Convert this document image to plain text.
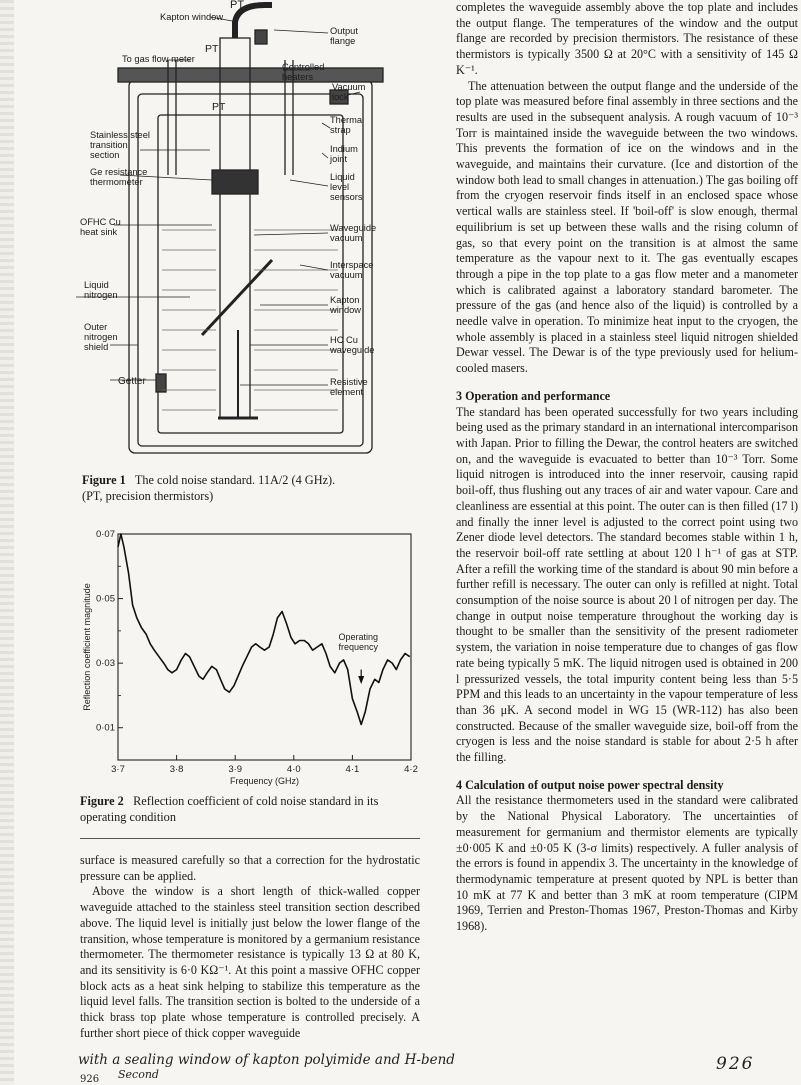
PT
Kapton window
Output flange
PT
To gas flow meter
Controlled heaters
Vacuum lock
PT
Thermal strap
Stainless steel transition section
Indium joint
Ge resistance thermometer	Liquid level sensors
OFHC Cu heat sink	Waveguide vacuum
Interspace vacuum
Liquid nitrogen	Kapton window
Outer nitrogen shield
HC Cu waveguide
Getter	Resistive element
Figure 1 The cold noise standard. 11A/2 (4 GHz).
(PT, precision thermistors)
3·7	3·8	3·9	4·0	4·1	4·2
0·07
0·05
0·03
0·01
Frequency (GHz)
Reflection coefficient magnitude	Operating frequency
Figure 2 Reflection coefficient of cold noise standard in its
operating condition

surface is measured carefully so that a correction for the hydrostatic pressure can be applied.

Above the window is a short length of thick-walled copper waveguide attached to the stainless steel transition section described above. The liquid level is initially just below the lower flange of the transition, whose temperature is monitored by a germanium resistance thermometer. The thermometer resistance is typically 13 Ω at 80 K, and its sensitivity is 6·0 KΩ⁻¹. At this point a massive OFHC copper block acts as a heat sink helping to stabilize this temperature as the liquid level falls. The transition section is bolted to the underside of a thick brass top plate whose temperature is controlled precisely. A further short piece of thick copper waveguide

completes the waveguide assembly above the top plate and includes the output flange. The temperatures of the window and the output flange are recorded by precision thermistors. The resistance of these thermistors is typically 3500 Ω at 20°C with a sensitivity of 145 Ω K⁻¹.

The attenuation between the output flange and the underside of the top plate was measured before final assembly in three sections and the results are used in the subsequent analysis. A rough vacuum of 10⁻³ Torr is maintained inside the waveguide between the two windows. This prevents the formation of ice on the windows and in the waveguide, and maintains their curvature. (Ice and distortion of the window both lead to small changes in attenuation.) The gas boiling off from the cryogen reservoir finds itself in an enclosed space whose vertical walls are stainless steel. If 'boil-off' is slow enough, thermal equilibrium is set up between these walls and the rising column of gas, so that every point on the transition is at almost the same temperature as the vapour next to it. The gas eventually escapes through a pipe in the top plate to a gas flow meter and a manometer which is calibrated against a laboratory standard barometer. The pressure of the gas (and hence also of the liquid) is controlled by a needle valve in operation. To minimize heat input to the cryogen, the whole assembly is placed in a stainless steel liquid nitrogen shielded Dewar vessel. The Dewar is of the type previously used for helium-cooled masers.

3 Operation and performance

The standard has been operated successfully for two years including being used as the primary standard in an international intercomparison with Japan. Prior to filling the Dewar, the control heaters are switched on, and the waveguide is evacuated to better than 10⁻³ Torr. Some liquid nitrogen is introduced into the inner reservoir, causing rapid boil-off, thus flushing out any traces of air and water vapour. Care and cleanliness are essential at this point. The outer can is then filled (17 l) and finally the inner level is adjusted to the correct point using two Zener diode level detectors. The standard becomes stable within 1 h, the reservoir boil-off rate settling at about 120 l h⁻¹ of gas at STP. After a refill the working time of the standard is about 90 min before a further refill is necessary. The outer can only is refilled at night. Total consumption of the noise source is about 20 l of nitrogen per day. The change in output noise temperature throughout the working day is thought to be smaller than the sensitivity of the present radiometer system, the variation in noise temperature due to changes of gas flow rate being typically 5 mK. The liquid nitrogen used is obtained in 200 l pressurized vessels, the total impurity content being less than 5·5 PPM and this leads to an uncertainty in the vapour temperature of less than 36 μK. A second model in WG 15 (WR-112) has also been constructed. Because of the smaller waveguide size, boil-off from the cryogen is less and the noise standard is stable for about 2·5 h after the filling.

4 Calculation of output noise power spectral density

All the resistance thermometers used in the standard were calibrated by the National Physical Laboratory. The uncertainties of measurement for germanium and thermistor elements are typically ±0·005 K and ±0·05 K (3-σ limits) respectively. A fuller analysis of the errors is found in appendix 3. The uncertainty in the knowledge of thermodynamic temperature at present quoted by NPL is better than 10 mK at 77 K and better than 3 mK at room temperature (CIPM 1969, Terrien and Preston-Thomas 1967, Preston-Thomas and Kirby 1968).

with a sealing window of kapton polyimide and H-bend
Second
926
926
